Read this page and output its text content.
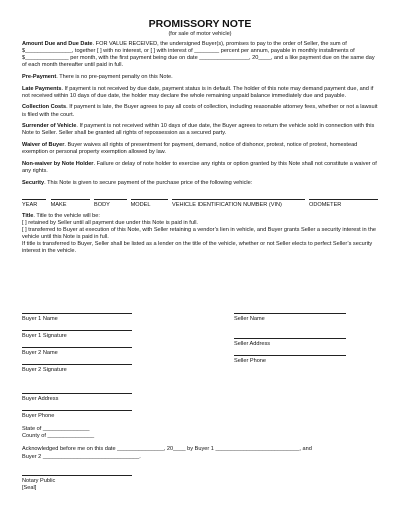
PROMISSORY NOTE
(for sale of motor vehicle)

Amount Due and Due Date. FOR VALUE RECEIVED, the undersigned Buyer(s), promises to pay to the order of Seller, the sum of $_______________, together [ ] with no interest, or [ ] with interest of ________ percent per annum, payable in monthly installments of $______________ per month, with the first payment being due on date ________________, 20____, and a like payment due on the same day of each month thereafter until paid in full.

Pre-Payment. There is no pre-payment penalty on this Note.

Late Payments. If payment is not received by due date, payment status is in default. The holder of this note may demand payment due, and if not received within 10 days of due date, the holder may declare the whole remaining unpaid balance immediately due and payable.

Collection Costs. If payment is late, the Buyer agrees to pay all costs of collection, including reasonable attorney fees, whether or not a lawsuit is filed with the court.

Surrender of Vehicle. If payment is not received within 10 days of due date, the Buyer agrees to return the vehicle sold in connection with this Note to Seller. Seller shall be granted all rights of repossession as a secured party.

Waiver of Buyer. Buyer waives all rights of presentment for payment, demand, notice of dishonor, protest, notice of protest, homestead exemption or personal property exemption allowed by law.

Non-waiver by Note Holder. Failure or delay of note holder to exercise any rights or option granted by this Note shall not constitute a waiver of any rights.

Security. This Note is given to secure payment of the purchase price of the following vehicle:

YEAR	MAKE	BODY	MODEL	VEHICLE IDENTIFICATION NUMBER (VIN)	ODOMETER

Title. Title to the vehicle will be:

[ ] retained by Seller until all payment due under this Note is paid in full.

[ ] transferred to Buyer at execution of this Note, with Seller retaining a vendor’s lien in vehicle, and Buyer grants Seller a security interest in the vehicle until this Note is paid in full.

If title is transferred to Buyer, Seller shall be listed as a lender on the title of the vehicle, whether or not Seller elects to perfect Seller’s security interest in the vehicle.

Buyer 1 Name
Buyer 1 Signature
Buyer 2 Name
Buyer 2 Signature
Buyer Address
Buyer Phone
Seller Name
Seller Address
Seller Phone
State of _______________
County of _______________
Acknowledged before me on this date _______________, 20____ by Buyer 1 ___________________________, and
Buyer 2 _______________________________.
Notary Public
[Seal]
